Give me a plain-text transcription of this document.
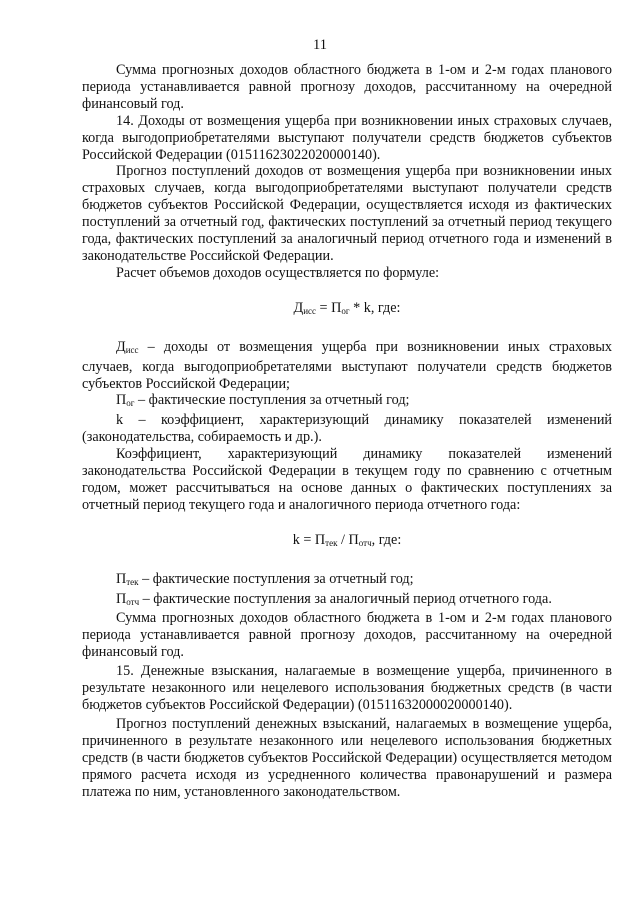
11

Сумма прогнозных доходов областного бюджета в 1-ом и 2-м годах планового периода устанавливается равной прогнозу доходов, рассчитанному на очередной финансовый год.

14. Доходы от возмещения ущерба при возникновении иных страховых случаев, когда выгодоприобретателями выступают получатели средств бюджетов субъектов Российской Федерации (01511623022020000140).

Прогноз поступлений доходов от возмещения ущерба при возникновении иных страховых случаев, когда выгодоприобретателями выступают получатели средств бюджетов субъектов Российской Федерации, осуществляется исходя из фактических поступлений за отчетный год, фактических поступлений за отчетный период текущего года, фактических поступлений за аналогичный период отчетного года и изменений в законодательстве Российской Федерации.

Расчет объемов доходов осуществляется по формуле:

$Д_{исс} = П_{ог} * k$, где:

$Д_{исс}$ – доходы от возмещения ущерба при возникновении иных страховых случаев, когда выгодоприобретателями выступают получатели средств бюджетов субъектов Российской Федерации;

$П_{ог}$ – фактические поступления за отчетный год;

k – коэффициент, характеризующий динамику показателей изменений (законодательства, собираемость и др.).

Коэффициент, характеризующий динамику показателей изменений законодательства Российской Федерации в текущем году по сравнению с отчетным годом, может рассчитываться на основе данных о фактических поступлениях за отчетный период текущего года и аналогичного периода отчетного года:

$k = П_{тек} / П_{отч}$, где:

$П_{тек}$ – фактические поступления за отчетный год;

$П_{отч}$ – фактические поступления за аналогичный период отчетного года.

Сумма прогнозных доходов областного бюджета в 1-ом и 2-м годах планового периода устанавливается равной прогнозу доходов, рассчитанному на очередной финансовый год.

15. Денежные взыскания, налагаемые в возмещение ущерба, причиненного в результате незаконного или нецелевого использования бюджетных средств (в части бюджетов субъектов Российской Федерации) (01511632000020000140).

Прогноз поступлений денежных взысканий, налагаемых в возмещение ущерба, причиненного в результате незаконного или нецелевого использования бюджетных средств (в части бюджетов субъектов Российской Федерации) осуществляется методом прямого расчета исходя из усредненного количества правонарушений и размера платежа по ним, установленного законодательством.
